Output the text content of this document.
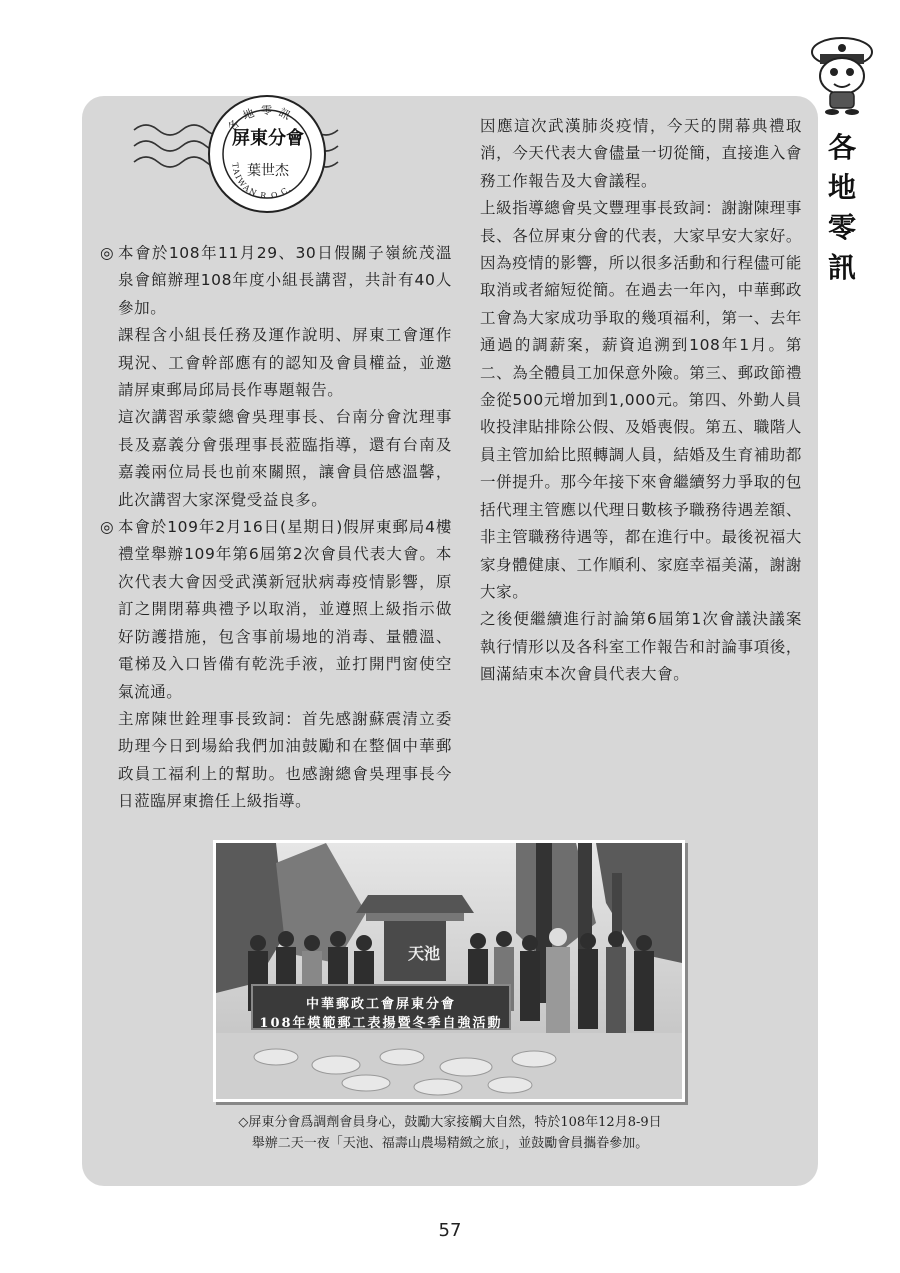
各地零訊
TAIWAN R.O.C.
屏東分會
葉世杰
各
地
零
訊

◎ 本會於108年11月29、30日假關子嶺統茂溫泉會館辦理108年度小組長講習，共計有40人參加。

課程含小組長任務及運作說明、屏東工會運作現況、工會幹部應有的認知及會員權益，並邀請屏東郵局邱局長作專題報告。

這次講習承蒙總會吳理事長、台南分會沈理事長及嘉義分會張理事長蒞臨指導，還有台南及嘉義兩位局長也前來關照，讓會員倍感溫馨，此次講習大家深覺受益良多。

◎ 本會於109年2月16日(星期日)假屏東郵局4樓禮堂舉辦109年第6屆第2次會員代表大會。本次代表大會因受武漢新冠狀病毒疫情影響，原訂之開閉幕典禮予以取消，並遵照上級指示做好防護措施，包含事前場地的消毒、量體溫、電梯及入口皆備有乾洗手液，並打開門窗使空氣流通。

主席陳世銓理事長致詞：首先感謝蘇震清立委助理今日到場給我們加油鼓勵和在整個中華郵政員工福利上的幫助。也感謝總會吳理事長今日蒞臨屏東擔任上級指導。

因應這次武漢肺炎疫情，今天的開幕典禮取消，今天代表大會儘量一切從簡，直接進入會務工作報告及大會議程。

上級指導總會吳文豐理事長致詞：謝謝陳理事長、各位屏東分會的代表，大家早安大家好。因為疫情的影響，所以很多活動和行程儘可能取消或者縮短從簡。在過去一年內，中華郵政工會為大家成功爭取的幾項福利，第一、去年通過的調薪案，薪資追溯到108年1月。第二、為全體員工加保意外險。第三、郵政節禮金從500元增加到1,000元。第四、外勤人員收投津貼排除公假、及婚喪假。第五、職階人員主管加給比照轉調人員，結婚及生育補助都一併提升。那今年接下來會繼續努力爭取的包括代理主管應以代理日數核予職務待遇差額、非主管職務待遇等，都在進行中。最後祝福大家身體健康、工作順利、家庭幸福美滿，謝謝大家。

之後便繼續進行討論第6屆第1次會議決議案執行情形以及各科室工作報告和討論事項後，圓滿結束本次會員代表大會。

天池
中華郵政工會屏東分會
108年模範郵工表揚暨冬季自強活動
◇屏東分會爲調劑會員身心，鼓勵大家接觸大自然，特於108年12月8-9日
舉辦二天一夜「天池、福壽山農場精緻之旅」，並鼓勵會員攜眷參加。
57
